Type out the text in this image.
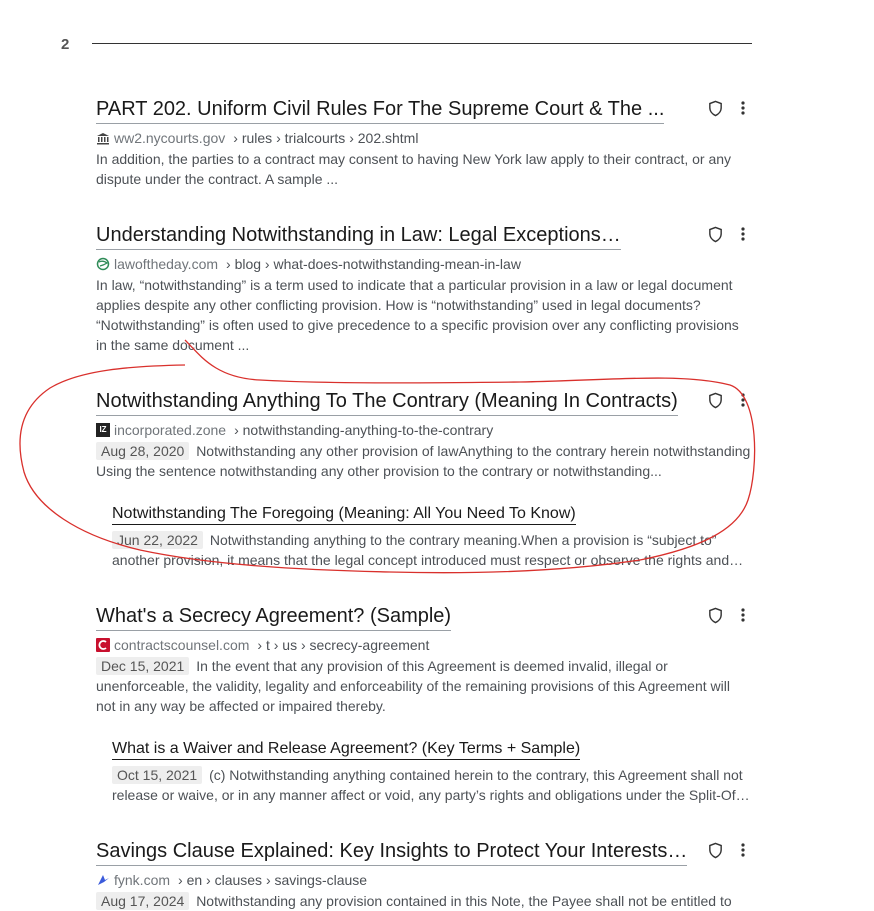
2
PART 202. Uniform Civil Rules For The Supreme Court & The ...
ww2.nycourts.gov › rules › trialcourts › 202.shtml
In addition, the parties to a contract may consent to having New York law apply to their contract, or any dispute under the contract. A sample ...
Understanding Notwithstanding in Law: Legal Exceptions…
lawoftheday.com › blog › what-does-notwithstanding-mean-in-law
In law, “notwithstanding” is a term used to indicate that a particular provision in a law or legal document applies despite any other conflicting provision. How is “notwithstanding” used in legal documents? “Notwithstanding” is often used to give precedence to a specific provision over any conflicting provisions in the same document ...
Notwithstanding Anything To The Contrary (Meaning In Contracts)
IZ incorporated.zone › notwithstanding-anything-to-the-contrary
Aug 28, 2020 Notwithstanding any other provision of lawAnything to the contrary herein notwithstanding Using the sentence notwithstanding any other provision to the contrary or notwithstanding...
Notwithstanding The Foregoing (Meaning: All You Need To Know)
Jun 22, 2022 Notwithstanding anything to the contrary meaning.When a provision is “subject to” another provision, it means that the legal concept introduced must respect or observe the rights and…
What's a Secrecy Agreement? (Sample)
contractscounsel.com › t › us › secrecy-agreement
Dec 15, 2021 In the event that any provision of this Agreement is deemed invalid, illegal or unenforceable, the validity, legality and enforceability of the remaining provisions of this Agreement will not in any way be affected or impaired thereby.
What is a Waiver and Release Agreement? (Key Terms + Sample)
Oct 15, 2021 (c) Notwithstanding anything contained herein to the contrary, this Agreement shall not release or waive, or in any manner affect or void, any party’s rights and obligations under the Split-Of…
Savings Clause Explained: Key Insights to Protect Your Interests…
fynk.com › en › clauses › savings-clause
Aug 17, 2024 Notwithstanding any provision contained in this Note, the Payee shall not be entitled to
